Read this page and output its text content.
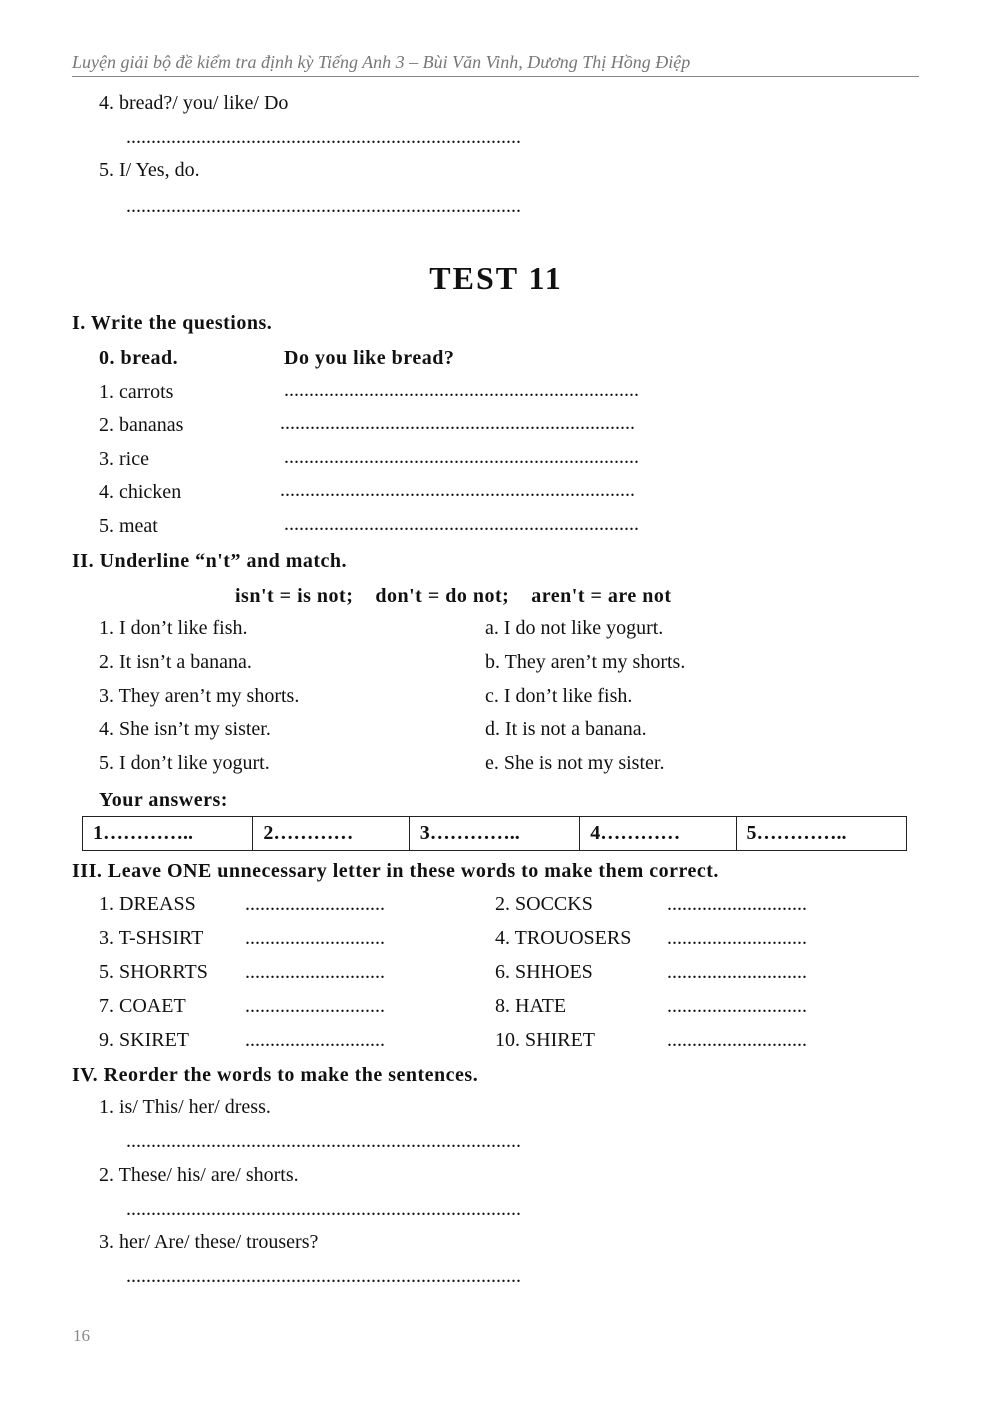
Luyện giải bộ đề kiểm tra định kỳ Tiếng Anh 3 – Bùi Văn Vinh, Dương Thị Hồng Điệp
4. bread?/ you/ like/ Do
...............................................................................
5. I/ Yes, do.
...............................................................................
TEST 11
I. Write the questions.
0. bread.	Do you like bread?
II. Underline “n't” and match.
isn't = is not;    don't = do not;    aren't = are not
Your answers:
1…………..	2…………	3…………..	4…………	5…………..
III. Leave ONE unnecessary letter in these words to make them correct.
IV. Reorder the words to make the sentences.
16
1. carrots	.......................................................................
2. bananas	.......................................................................
3. rice	.......................................................................
4. chicken	.......................................................................
5. meat	.......................................................................
1. I don’t like fish.	a. I do not like yogurt.
2. It isn’t a banana.	b. They aren’t my shorts.
3. They aren’t my shorts.	c. I don’t like fish.
4. She isn’t my sister.	d. It is not a banana.
5. I don’t like yogurt.	e. She is not my sister.
1. DREASS ............................	2. SOCCKS	............................
3. T-SHSIRT ............................	4. TROUOSERS ............................
5. SHORRTS ............................	6. SHHOES	............................
7. COAET	............................	8. HATE	............................
9. SKIRET	............................	10. SHIRET	............................
1. is/ This/ her/ dress.
...............................................................................
2. These/ his/ are/ shorts.
...............................................................................
3. her/ Are/ these/ trousers?
...............................................................................
